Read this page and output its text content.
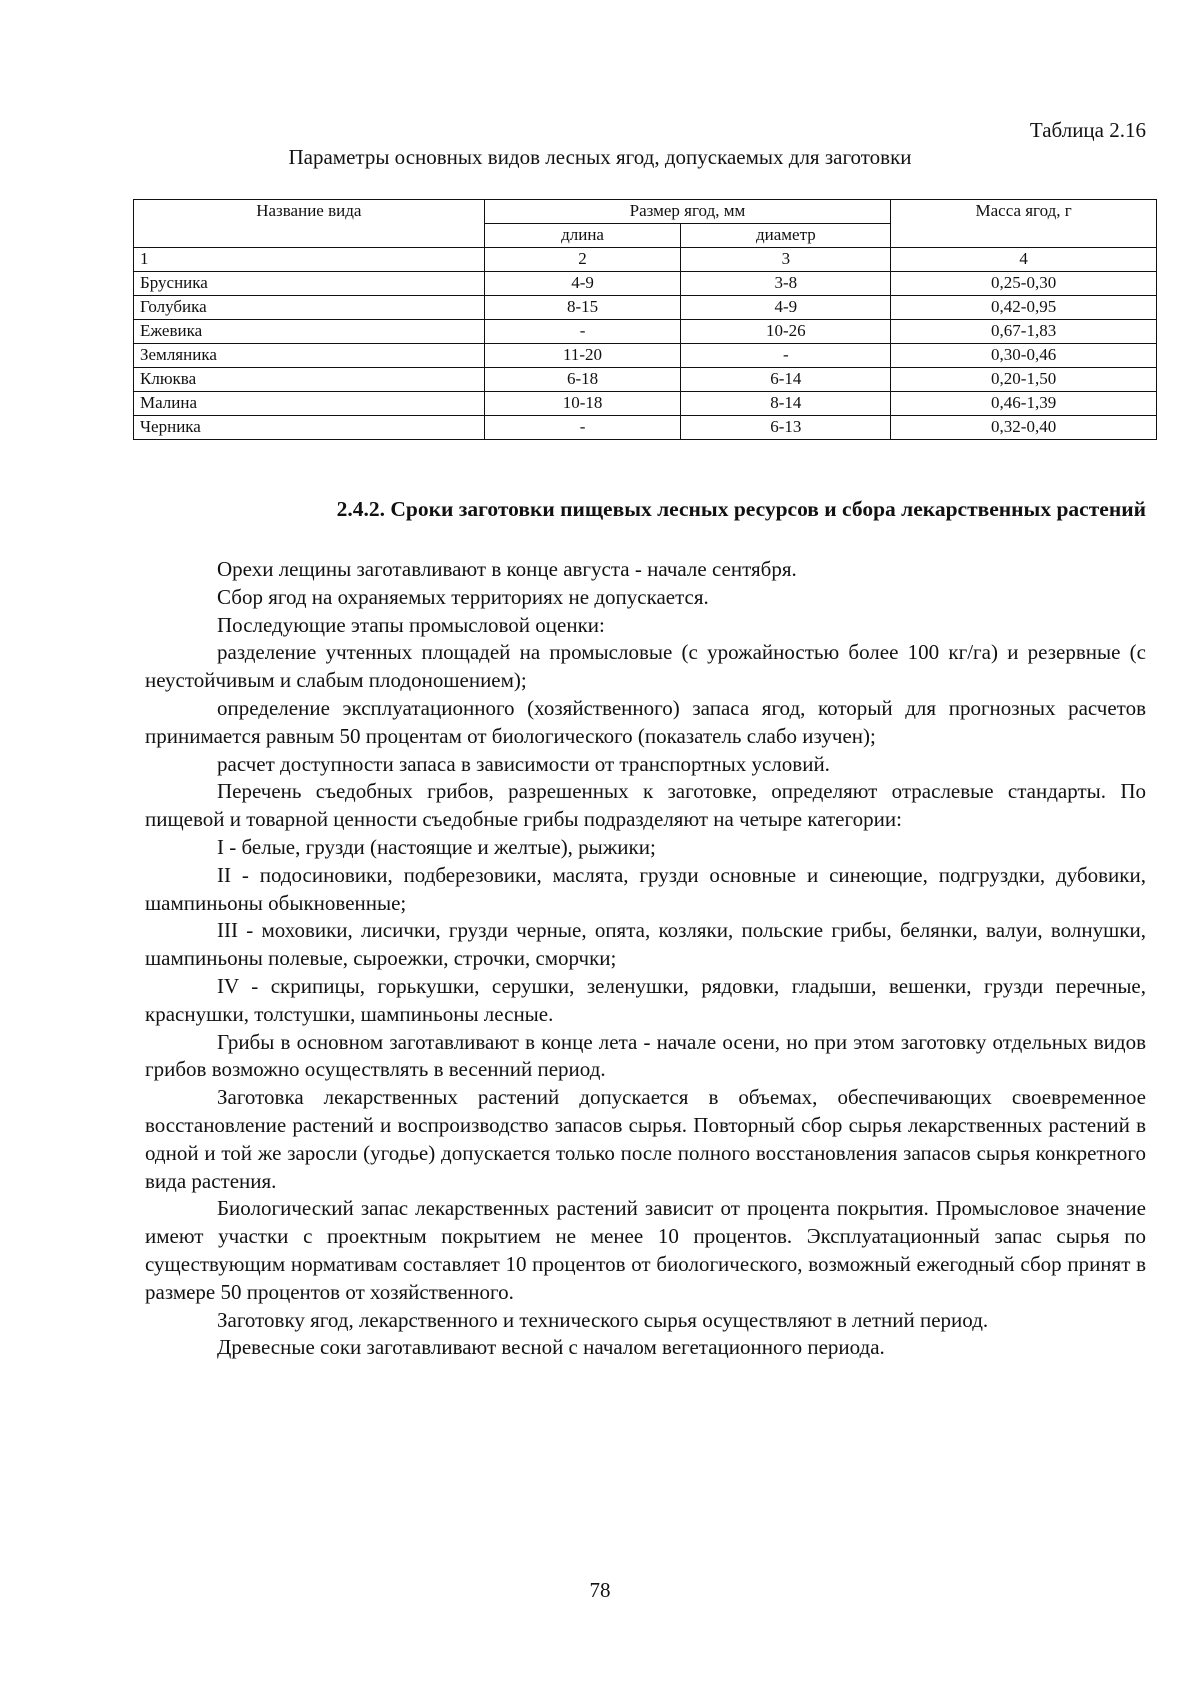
Таблица 2.16
Параметры основных видов лесных ягод, допускаемых для заготовки
Название вида	Размер ягод, мм		Масса ягод, г
	длина	диаметр	
1	2	3	4
Брусника	4-9	3-8	0,25-0,30
Голубика	8-15	4-9	0,42-0,95
Ежевика	-	10-26	0,67-1,83
Земляника	11-20	-	0,30-0,46
Клюква	6-18	6-14	0,20-1,50
Малина	10-18	8-14	0,46-1,39
Черника	-	6-13	0,32-0,40
2.4.2. Сроки заготовки пищевых лесных ресурсов и сбора лекарственных растений

Орехи лещины заготавливают в конце августа - начале сентября.

Сбор ягод на охраняемых территориях не допускается.

Последующие этапы промысловой оценки:

разделение учтенных площадей на промысловые (с урожайностью более 100 кг/га) и резервные (с неустойчивым и слабым плодоношением);

определение эксплуатационного (хозяйственного) запаса ягод, который для прогнозных расчетов принимается равным 50 процентам от биологического (показатель слабо изучен);

расчет доступности запаса в зависимости от транспортных условий.

Перечень съедобных грибов, разрешенных к заготовке, определяют отраслевые стандарты. По пищевой и товарной ценности съедобные грибы подразделяют на четыре категории:

I - белые, грузди (настоящие и желтые), рыжики;

II - подосиновики, подберезовики, маслята, грузди основные и синеющие, подгруздки, дубовики, шампиньоны обыкновенные;

III - моховики, лисички, грузди черные, опята, козляки, польские грибы, белянки, валуи, волнушки, шампиньоны полевые, сыроежки, строчки, сморчки;

IV - скрипицы, горькушки, серушки, зеленушки, рядовки, гладыши, вешенки, грузди перечные, краснушки, толстушки, шампиньоны лесные.

Грибы в основном заготавливают в конце лета - начале осени, но при этом заготовку отдельных видов грибов возможно осуществлять в весенний период.

Заготовка лекарственных растений допускается в объемах, обеспечивающих своевременное восстановление растений и воспроизводство запасов сырья. Повторный сбор сырья лекарственных растений в одной и той же заросли (угодье) допускается только после полного восстановления запасов сырья конкретного вида растения.

Биологический запас лекарственных растений зависит от процента покрытия. Промысловое значение имеют участки с проектным покрытием не менее 10 процентов. Эксплуатационный запас сырья по существующим нормативам составляет 10 процентов от биологического, возможный ежегодный сбор принят в размере 50 процентов от хозяйственного.

Заготовку ягод, лекарственного и технического сырья осуществляют в летний период.

Древесные соки заготавливают весной с началом вегетационного периода.

78
